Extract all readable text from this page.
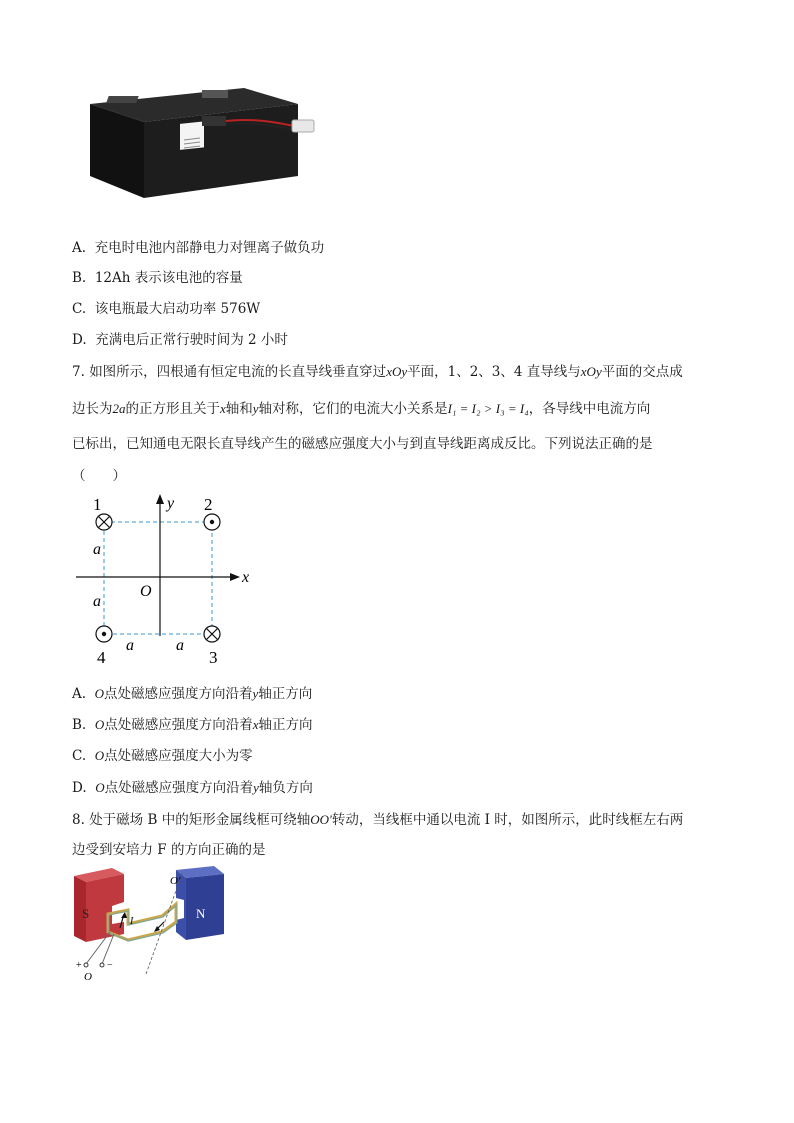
A. 充电时电池内部静电力对锂离子做负功
B. 12Ah 表示该电池的容量
C. 该电瓶最大启动功率 576W
D. 充满电后正常行驶时间为 2 小时
7. 如图所示，四根通有恒定电流的长直导线垂直穿过xOy平面，1、2、3、4 直导线与xOy平面的交点成
边长为2a的正方形且关于x轴和y轴对称，它们的电流大小关系是I₁ = I₂ > I₃ = I₄，各导线中电流方向
已标出，已知通电无限长直导线产生的磁感应强度大小与到直导线距离成反比。下列说法正确的是
（　　）
1	2
3
4
y
x
O
a
a
a	a
A. O点处磁感应强度方向沿着y轴正方向
B. O点处磁感应强度方向沿着x轴正方向
C. O点处磁感应强度大小为零
D. O点处磁感应强度方向沿着y轴负方向
8. 处于磁场 B 中的矩形金属线框可绕轴OO′转动，当线框中通以电流 I 时，如图所示，此时线框左右两
边受到安培力 F 的方向正确的是
S	N
O′
O
I
+	−
